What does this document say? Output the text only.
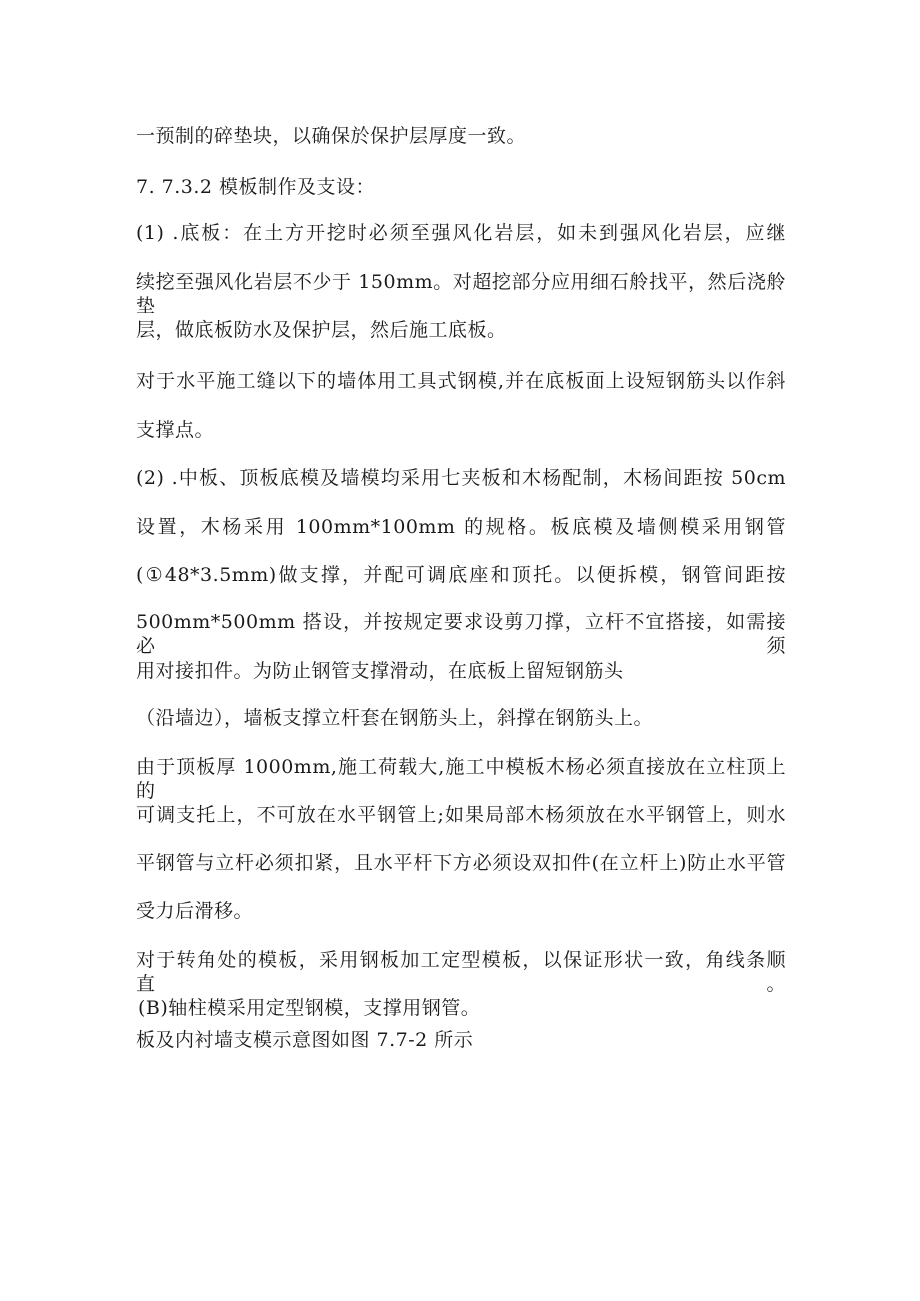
一预制的碎垫块，以确保於保护层厚度一致。
7. 7.3.2 模板制作及支设：
(1) .底板：在土方开挖时必须至强风化岩层，如未到强风化岩层，应继
续挖至强风化岩层不少于 150mm。对超挖部分应用细石舲找平，然后浇舲垫
层，做底板防水及保护层，然后施工底板。
对于水平施工缝以下的墙体用工具式钢模,并在底板面上设短钢筋头以作斜
支撑点。
(2) .中板、顶板底模及墙模均采用七夹板和木杨配制，木杨间距按 50cm
设置，木杨采用 100mm*100mm 的规格。板底模及墙侧模采用钢管
(①48*3.5mm)做支撑，并配可调底座和顶托。以便拆模，钢管间距按
500mm*500mm 搭设，并按规定要求设剪刀撑，立杆不宜搭接，如需接必须
用对接扣件。为防止钢管支撑滑动，在底板上留短钢筋头
（沿墙边），墙板支撑立杆套在钢筋头上，斜撑在钢筋头上。
由于顶板厚 1000mm,施工荷载大,施工中模板木杨必须直接放在立柱顶上的
可调支托上，不可放在水平钢管上;如果局部木杨须放在水平钢管上，则水
平钢管与立杆必须扣紧，且水平杆下方必须设双扣件(在立杆上)防止水平管
受力后滑移。
对于转角处的模板，采用钢板加工定型模板，以保证形状一致，角线条顺直。
(B)轴柱模采用定型钢模，支撑用钢管。
板及内衬墙支模示意图如图 7.7-2 所示
